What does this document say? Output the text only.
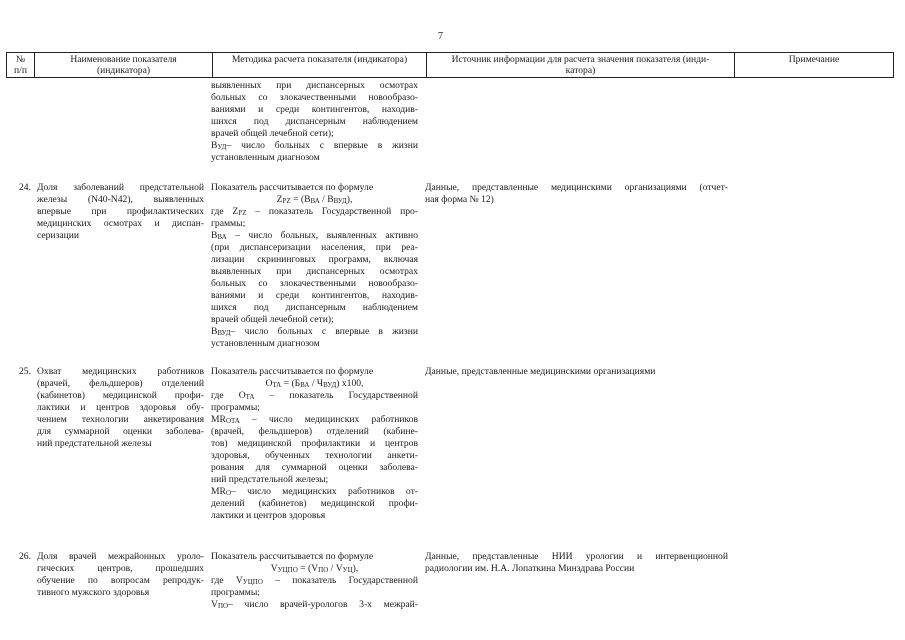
7
№
п/п
Наименование показателя
(индикатора)
Методика расчета показателя (индикатора)	Источник информации для расчета значения показателя (инди-
катора)
Примечание
выявленных при диспансерных осмотрах
больных со злокачественными новообразо-
ваниями и среди контингентов, находив-
шихся под диспансерным наблюдением
врачей общей лечебной сети);
$В_{УД}-$ число больных с впервые в жизни
установленным диагнозом
24. Доля заболеваний предстательной
железы (N40-N42), выявленных
впервые при профилактических
медицинских осмотрах и диспан-
серизации
Показатель рассчитывается по формуле
$Z_{PZ} = (В_{ВА} / В_{ВУД})$,
где $Z_{PZ}$ – показатель Государственной про-
граммы;
$В_{ВА}$ – число больных, выявленных активно
(при диспансеризации населения, при реа-
лизации скрининговых программ, включая
выявленных при диспансерных осмотрах
больных со злокачественными новообразо-
ваниями и среди контингентов, находив-
шихся под диспансерным наблюдением
врачей общей лечебной сети);
$В_{ВУД}-$ число больных с впервые в жизни
установленным диагнозом
Данные, представленные медицинскими организациями (отчет-
ная форма № 12)
25. Охват медицинских работников
(врачей, фельдшеров) отделений
(кабинетов) медицинской профи-
лактики и центров здоровья обу-
чением технологии анкетирования
для суммарной оценки заболева-
ний предстательной железы
Показатель рассчитывается по формуле
$O_{TA} = (Б_{ВА} / Ч_{ВУД})$ х100,
где $O_{TA}$ – показатель Государственной
программы;
$MR_{OTA}$ – число медицинских работников
(врачей, фельдшеров) отделений (кабине-
тов) медицинской профилактики и центров
здоровья, обученных технологии анкети-
рования для суммарной оценки заболева-
ний предстательной железы;
$MR_O-$ число медицинских работников от-
делений (кабинетов) медицинской профи-
лактики и центров здоровья
Данные, представленные медицинскими организациями
26. Доля врачей межрайонных уроло-
гических центров, прошедших
обучение по вопросам репродук-
тивного мужского здоровья
Показатель рассчитывается по формуле
$V_{УЦПО} = (V_{ПО} / V_{УЦ})$,
где $V_{УЦПО}$ – показатель Государственной
программы;
$V_{ПО}-$ число врачей-урологов 3-х межрай-
Данные, представленные НИИ урологии и интервенционной
радиологии им. Н.А. Лопаткина Минздрава России
